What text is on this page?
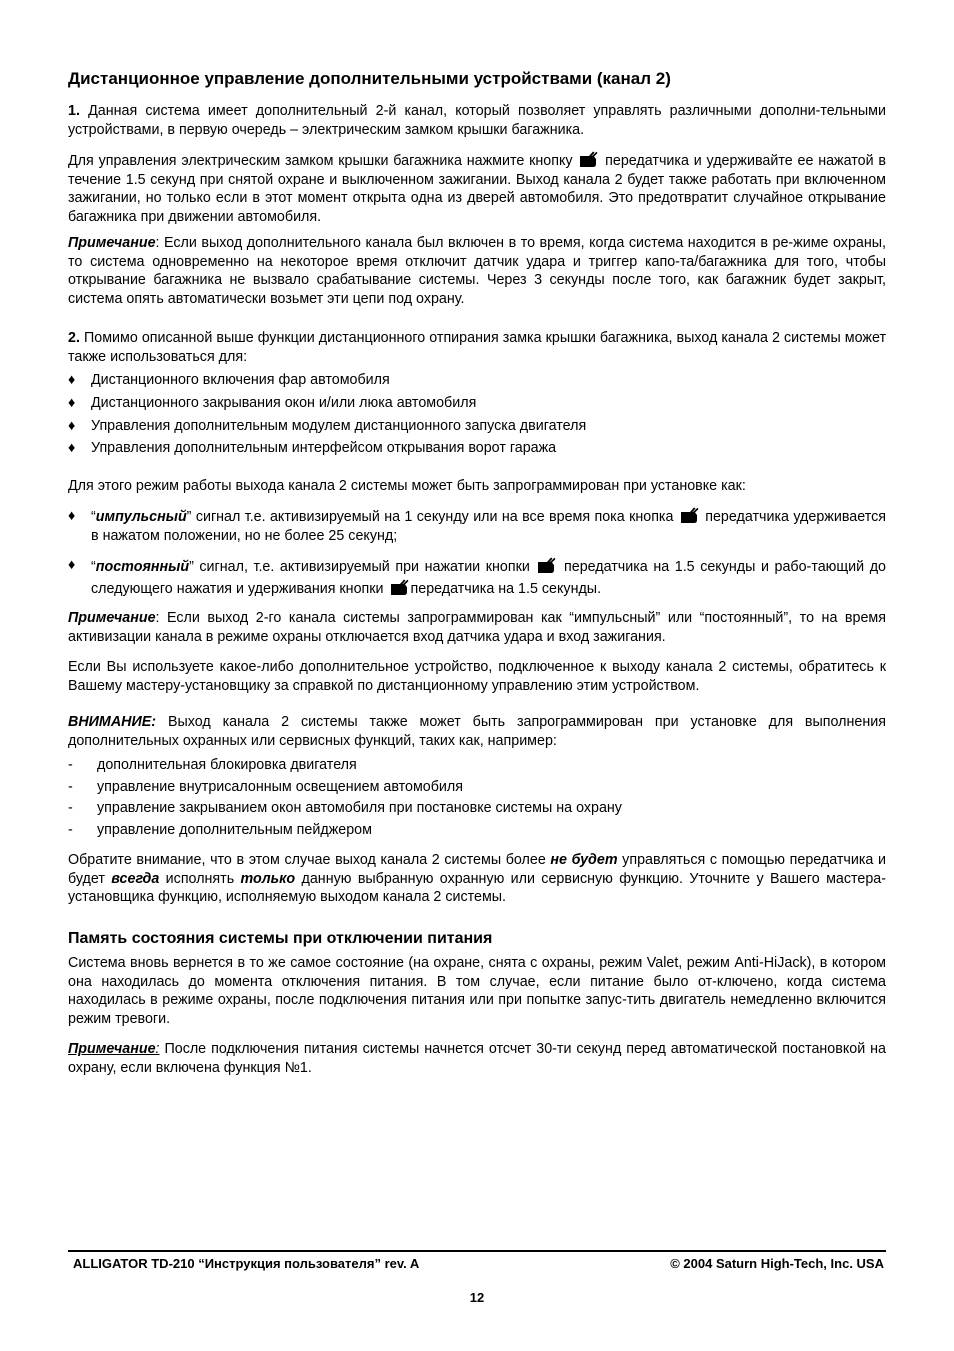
Дистанционное управление дополнительными устройствами (канал 2)
1. Данная система имеет дополнительный 2-й канал, который позволяет управлять различными дополни-тельными устройствами, в первую очередь – электрическим замком крышки багажника.
Для управления электрическим замком крышки багажника нажмите кнопку  передатчика и удерживайте ее нажатой в течение 1.5 секунд при снятой охране и выключенном зажигании. Выход канала 2 будет также работать при включенном зажигании, но только если в этот момент открыта одна из дверей автомобиля. Это предотвратит случайное открывание багажника при движении автомобиля.
Примечание: Если выход дополнительного канала был включен в то время, когда система находится в ре-жиме охраны, то система одновременно на некоторое время отключит датчик удара и триггер капо-та/багажника для того, чтобы открывание багажника не вызвало срабатывание системы. Через 3 секунды после того, как багажник будет закрыт, система опять автоматически возьмет эти цепи под охрану.
2. Помимо описанной выше функции дистанционного отпирания замка крышки багажника, выход канала 2 системы может также использоваться для:
♦	Дистанционного включения фар автомобиля
♦	Дистанционного закрывания окон и/или люка автомобиля
♦	Управления дополнительным модулем дистанционного запуска двигателя
♦	Управления дополнительным интерфейсом открывания ворот гаража
Для этого режим работы выхода канала 2 системы может быть запрограммирован при установке как:
♦	“импульсный” сигнал т.е. активизируемый на 1 секунду или на все время пока кнопка  передатчика удерживается в нажатом положении, но не более 25 секунд;
♦	“постоянный” сигнал, т.е. активизируемый при нажатии кнопки  передатчика на 1.5 секунды и рабо-тающий до следующего нажатия и удерживания кнопки передатчика на 1.5 секунды.
Примечание: Если выход 2-го канала системы запрограммирован как “импульсный” или “постоянный”, то на время активизации канала в режиме охраны отключается вход датчика удара и вход зажигания.
Если Вы используете какое-либо дополнительное устройство, подключенное к выходу канала 2 системы, обратитесь к Вашему мастеру-установщику за справкой по дистанционному управлению этим устройством.
ВНИМАНИЕ: Выход канала 2 системы также может быть запрограммирован при установке для выполнения дополнительных охранных или сервисных функций, таких как, например:
-	дополнительная блокировка двигателя
-	управление внутрисалонным освещением автомобиля
-	управление закрыванием окон автомобиля при постановке системы на охрану
-	управление дополнительным пейджером
Обратите внимание, что в этом случае выход канала 2 системы более не будет управляться с помощью передатчика и будет всегда исполнять только данную выбранную охранную или сервисную функцию. Уточните у Вашего мастера-установщика функцию, исполняемую выходом канала 2 системы.
Память состояния системы при отключении питания
Система вновь вернется в то же самое состояние (на охране, снята с охраны, режим Valet, режим Anti-HiJack), в котором она находилась до момента отключения питания. В том случае, если питание было от-ключено, когда система находилась в режиме охраны, после подключения питания или при попытке запус-тить двигатель немедленно включится режим тревоги.
Примечание: После подключения питания системы начнется отсчет 30-ти секунд перед автоматической постановкой на охрану, если включена функция №1.
ALLIGATOR TD-210 “Инструкция пользователя” rev. A	© 2004 Saturn High-Tech, Inc. USA
12
